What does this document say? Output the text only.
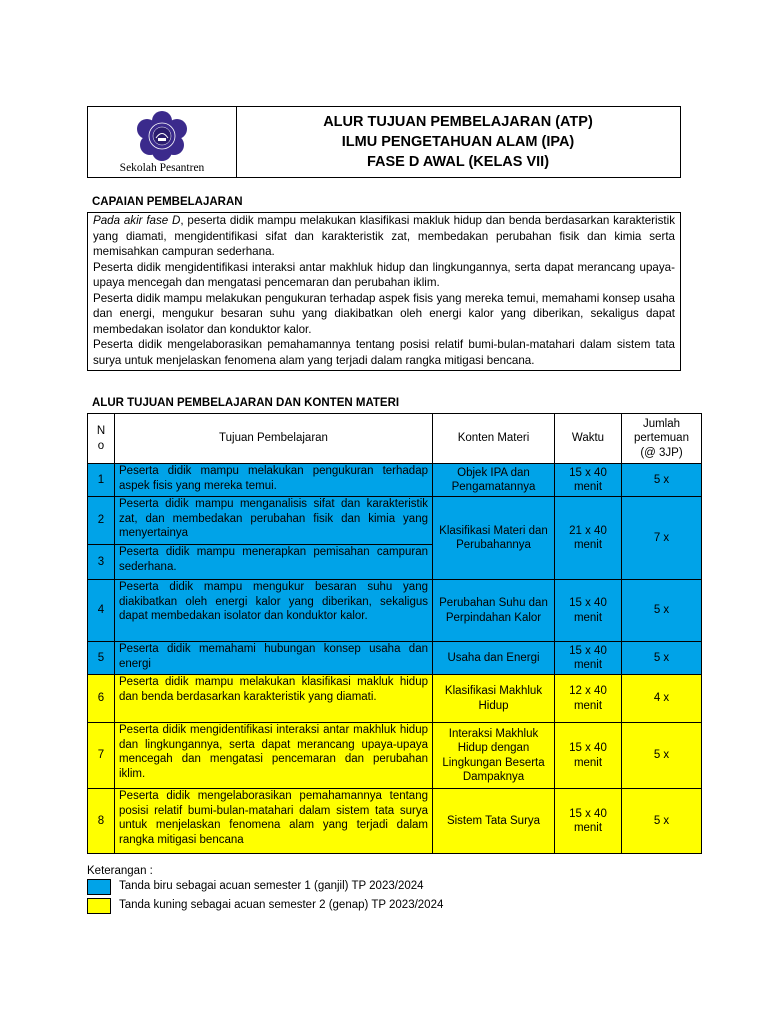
Sekolah Pesantren
ALUR TUJUAN PEMBELAJARAN (ATP)
ILMU PENGETAHUAN ALAM (IPA)
FASE D AWAL (KELAS VII)
CAPAIAN PEMBELAJARAN

Pada akir fase D, peserta didik mampu melakukan klasifikasi makluk hidup dan benda berdasarkan karakteristik yang diamati, mengidentifikasi sifat dan karakteristik zat, membedakan perubahan fisik dan kimia serta memisahkan campuran sederhana.

Peserta didik mengidentifikasi interaksi antar makhluk hidup dan lingkungannya, serta dapat merancang upaya-upaya mencegah dan mengatasi pencemaran dan perubahan iklim.

Peserta didik mampu melakukan pengukuran terhadap aspek fisis yang mereka temui, memahami konsep usaha dan energi, mengukur besaran suhu yang diakibatkan oleh energi kalor yang diberikan, sekaligus dapat membedakan isolator dan konduktor kalor.

Peserta didik mengelaborasikan pemahamannya tentang posisi relatif bumi-bulan-matahari dalam sistem tata surya untuk menjelaskan fenomena alam yang terjadi dalam rangka mitigasi bencana.

ALUR TUJUAN PEMBELAJARAN DAN KONTEN MATERI
N
o	Tujuan Pembelajaran	Konten Materi	Waktu	Jumlah
pertemuan
(@ 3JP)
1	Peserta didik mampu melakukan pengukuran terhadap aspek fisis yang mereka temui.	Objek IPA dan Pengamatannya	15 x 40 menit	5 x
2	Peserta didik mampu menganalisis sifat dan karakteristik zat, dan membedakan perubahan fisik dan kimia yang menyertainya	Klasifikasi Materi dan Perubahannya	21 x 40 menit	7 x
3	Peserta didik mampu menerapkan pemisahan campuran sederhana.			
4	Peserta didik mampu mengukur besaran suhu yang diakibatkan oleh energi kalor yang diberikan, sekaligus dapat membedakan isolator dan konduktor kalor.	Perubahan Suhu dan Perpindahan Kalor	15 x 40 menit	5 x
5	Peserta didik memahami hubungan konsep usaha dan energi	Usaha dan Energi	15 x 40 menit	5 x
6	Peserta didik mampu melakukan klasifikasi makluk hidup dan benda berdasarkan karakteristik yang diamati.	Klasifikasi Makhluk Hidup	12 x 40 menit	4 x
7	Peserta didik mengidentifikasi interaksi antar makhluk hidup dan lingkungannya, serta dapat merancang upaya-upaya mencegah dan mengatasi pencemaran dan perubahan iklim.	Interaksi Makhluk Hidup dengan Lingkungan Beserta Dampaknya	15 x 40 menit	5 x
8	Peserta didik mengelaborasikan pemahamannya tentang posisi relatif bumi-bulan-matahari dalam sistem tata surya untuk menjelaskan fenomena alam yang terjadi dalam rangka mitigasi bencana	Sistem Tata Surya	15 x 40 menit	5 x
Keterangan :
Tanda biru sebagai acuan semester 1 (ganjil) TP 2023/2024
Tanda kuning sebagai acuan semester 2 (genap) TP 2023/2024
